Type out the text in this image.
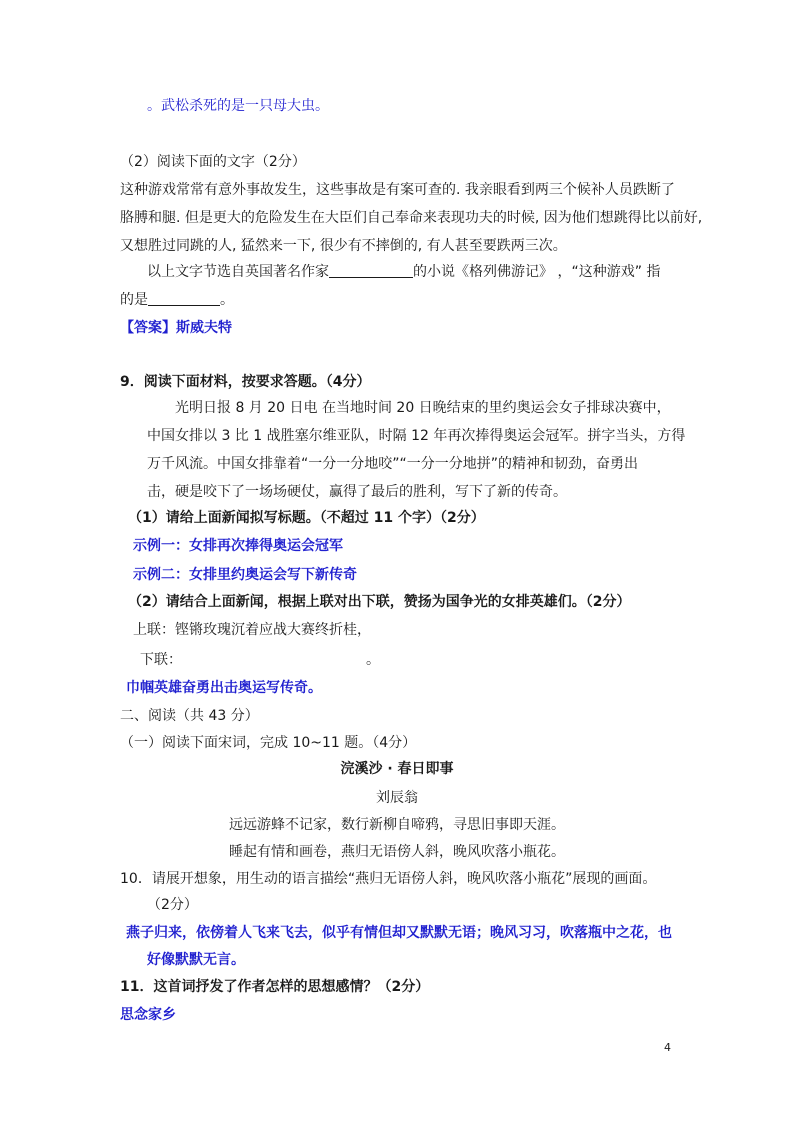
。武松杀死的是一只母大虫。
（2）阅读下面的文字（2分）
这种游戏常常有意外事故发生，这些事故是有案可查的. 我亲眼看到两三个候补人员跌断了
胳膊和腿. 但是更大的危险发生在大臣们自己奉命来表现功夫的时候, 因为他们想跳得比以前好,
又想胜过同跳的人, 猛然来一下, 很少有不摔倒的, 有人甚至要跌两三次。
以上文字节选自英国著名作家	的小说《格列佛游记》 ，“这种游戏” 指
的是	。
【答案】斯威夫特
9．阅读下面材料，按要求答题。（4分）
光明日报 8 月 20 日电 在当地时间 20 日晚结束的里约奥运会女子排球决赛中，
中国女排以 3 比 1 战胜塞尔维亚队，时隔 12 年再次捧得奥运会冠军。拼字当头，方得
万千风流。中国女排靠着“一分一分地咬”“一分一分地拼”的精神和韧劲，奋勇出
击，硬是咬下了一场场硬仗，赢得了最后的胜利，写下了新的传奇。
（1）请给上面新闻拟写标题。（不超过 11 个字）（2分）
示例一：女排再次捧得奥运会冠军
示例二：女排里约奥运会写下新传奇
（2）请结合上面新闻，根据上联对出下联，赞扬为国争光的女排英雄们。（2分）
上联：铿锵玫瑰沉着应战大赛终折桂，
下联：	。
巾帼英雄奋勇出击奥运写传奇。
二、阅读（共 43 分）
（一）阅读下面宋词，完成 10~11 题。（4分）
浣溪沙 · 春日即事
刘辰翁
远远游蜂不记家，数行新柳自啼鸦，寻思旧事即天涯。
睡起有情和画卷，燕归无语傍人斜，晚风吹落小瓶花。
10．请展开想象，用生动的语言描绘“燕归无语傍人斜，晚风吹落小瓶花”展现的画面。
（2分）
燕子归来，依傍着人飞来飞去，似乎有情但却又默默无语；晚风习习，吹落瓶中之花，也
好像默默无言。
11．这首词抒发了作者怎样的思想感情？（2分）
思念家乡
4
